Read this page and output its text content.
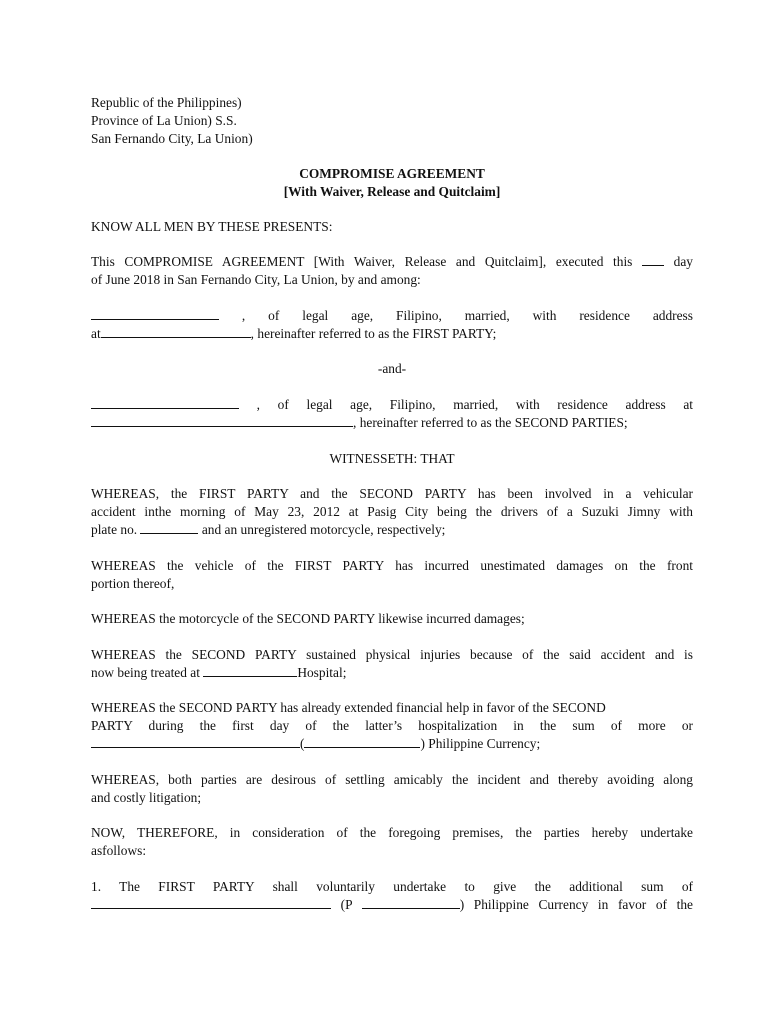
Republic of the Philippines)

Province of La Union) S.S.

San Fernando City, La Union)

COMPROMISE AGREEMENT

[With Waiver, Release and Quitclaim]

KNOW ALL MEN BY THESE PRESENTS:

This COMPROMISE AGREEMENT [With Waiver, Release and Quitclaim], executed this	day

of June 2018 in San Fernando City, La Union, by and among:

, of legal age, Filipino, married, with residence address

at	, hereinafter referred to as the FIRST PARTY;

-and-

, of legal age, Filipino, married, with residence address at

, hereinafter referred to as the SECOND PARTIES;

WITNESSETH: THAT

WHEREAS, the FIRST PARTY and the SECOND PARTY has been involved in a vehicular

accident inthe morning of May 23, 2012 at Pasig City being the drivers of a Suzuki Jimny with

plate no.	and an unregistered motorcycle, respectively;

WHEREAS the vehicle of the FIRST PARTY has incurred unestimated damages on the front

portion thereof,

WHEREAS the motorcycle of the SECOND PARTY likewise incurred damages;

WHEREAS the SECOND PARTY sustained physical injuries because of the said accident and is

now being treated at	Hospital;

WHEREAS the SECOND PARTY has already extended financial help in favor of the SECOND

PARTY during the first day of the latter’s hospitalization in the sum of more or

(	) Philippine Currency;

WHEREAS, both parties are desirous of settling amicably the incident and thereby avoiding along

and costly litigation;

NOW, THEREFORE, in consideration of the foregoing premises, the parties hereby undertake

asfollows:

1. The FIRST PARTY shall voluntarily undertake to give the additional sum of

(P	) Philippine Currency in favor of the
